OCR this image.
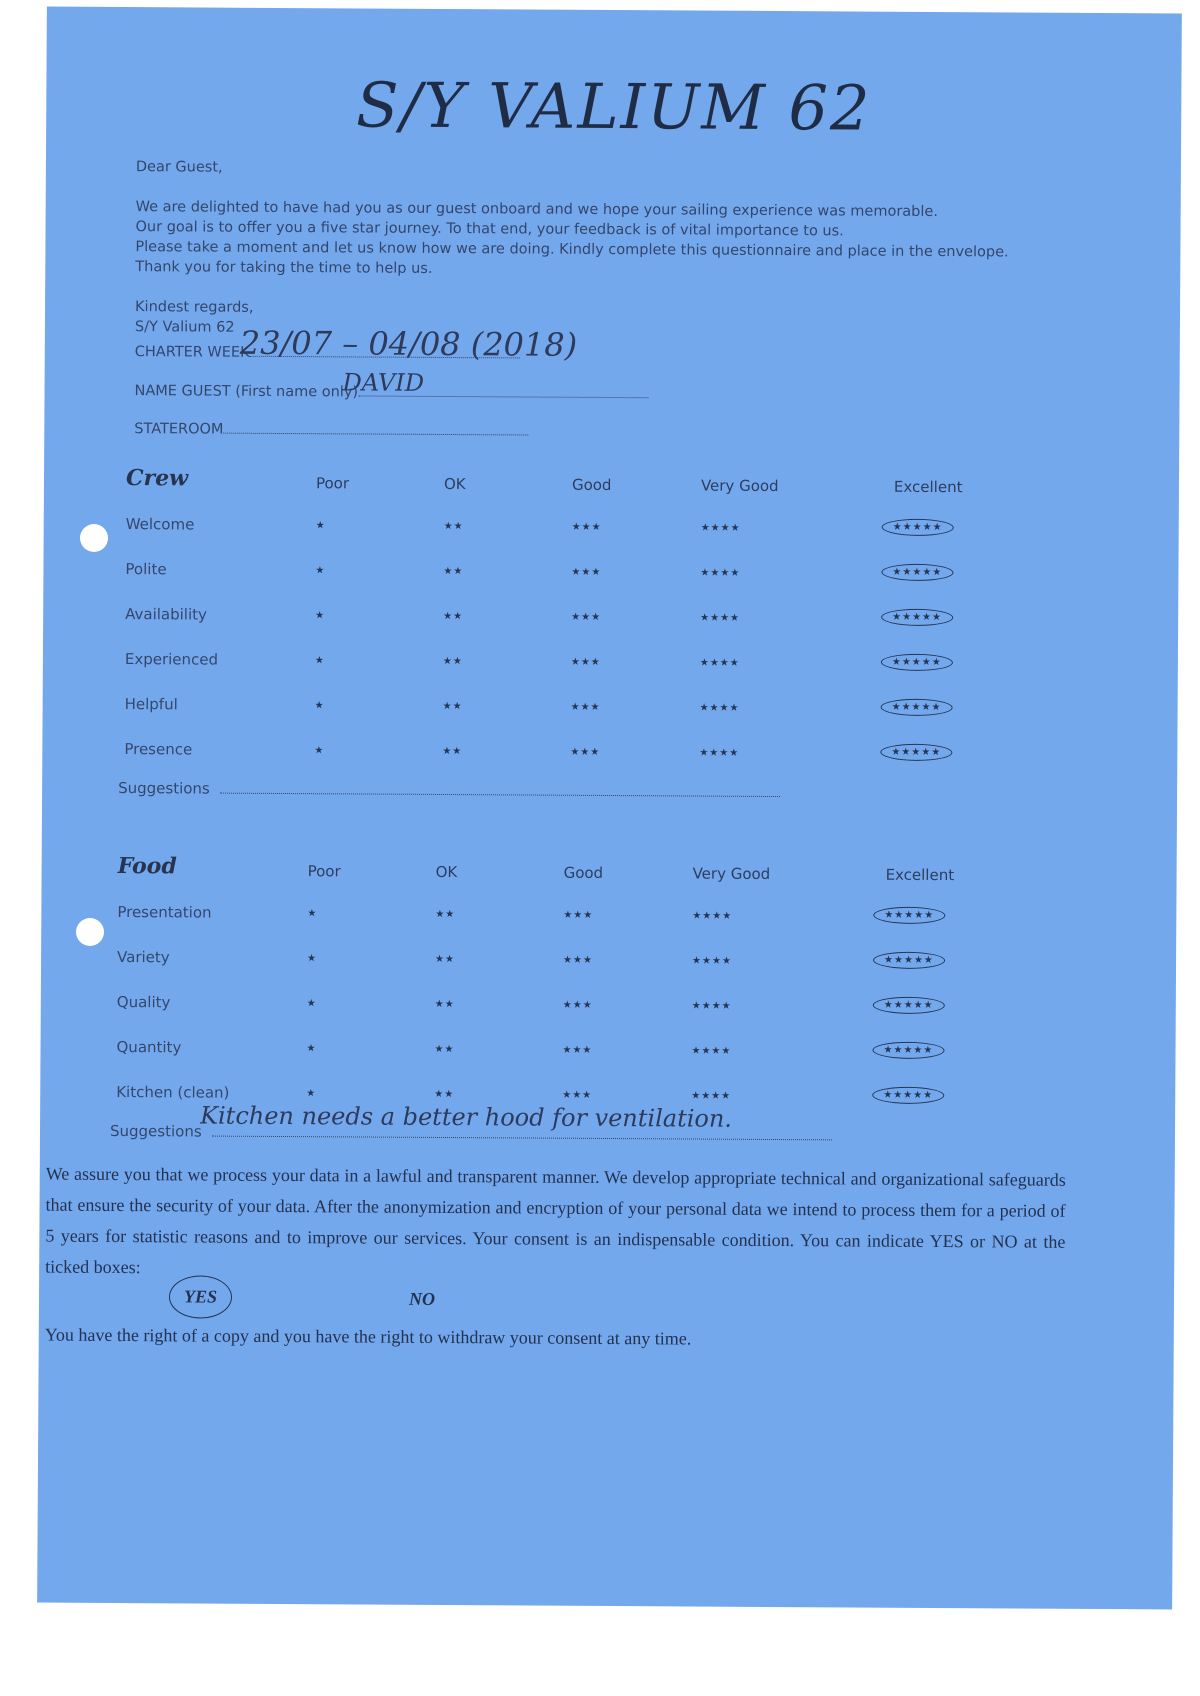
S/Y VALIUM 62

Dear Guest,

We are delighted to have had you as our guest onboard and we hope your sailing experience was memorable.

Our goal is to offer you a five star journey. To that end, your feedback is of vital importance to us.

Please take a moment and let us know how we are doing. Kindly complete this questionnaire and place in the envelope.

Thank you for taking the time to help us.

Kindest regards,

S/Y Valium 62

CHARTER WEEK
23/07 – 04/08 (2018)
NAME GUEST (First name only)
DAVID
STATEROOM
Crew	Poor	OK	Good	Very Good	Excellent
Welcome	★	★★	★★★	★★★★	★★★★★
Polite	★	★★	★★★	★★★★	★★★★★
Availability	★	★★	★★★	★★★★	★★★★★
Experienced	★	★★	★★★	★★★★	★★★★★
Helpful	★	★★	★★★	★★★★	★★★★★
Presence	★	★★	★★★	★★★★	★★★★★
Suggestions
Food	Poor	OK	Good	Very Good	Excellent
Presentation	★	★★	★★★	★★★★	★★★★★
Variety	★	★★	★★★	★★★★	★★★★★
Quality	★	★★	★★★	★★★★	★★★★★
Quantity	★	★★	★★★	★★★★	★★★★★
Kitchen (clean)	★	★★	★★★	★★★★	★★★★★
Suggestions
Kitchen needs a better hood for ventilation.
We assure you that we process your data in a lawful and transparent manner. We develop appropriate technical and organizational safeguards that ensure the security of your data. After the anonymization and encryption of your personal data we intend to process them for a period of 5 years for statistic reasons and to improve our services. Your consent is an indispensable condition. You can indicate YES or NO at the ticked boxes:
YES	NO
You have the right of a copy and you have the right to withdraw your consent at any time.
